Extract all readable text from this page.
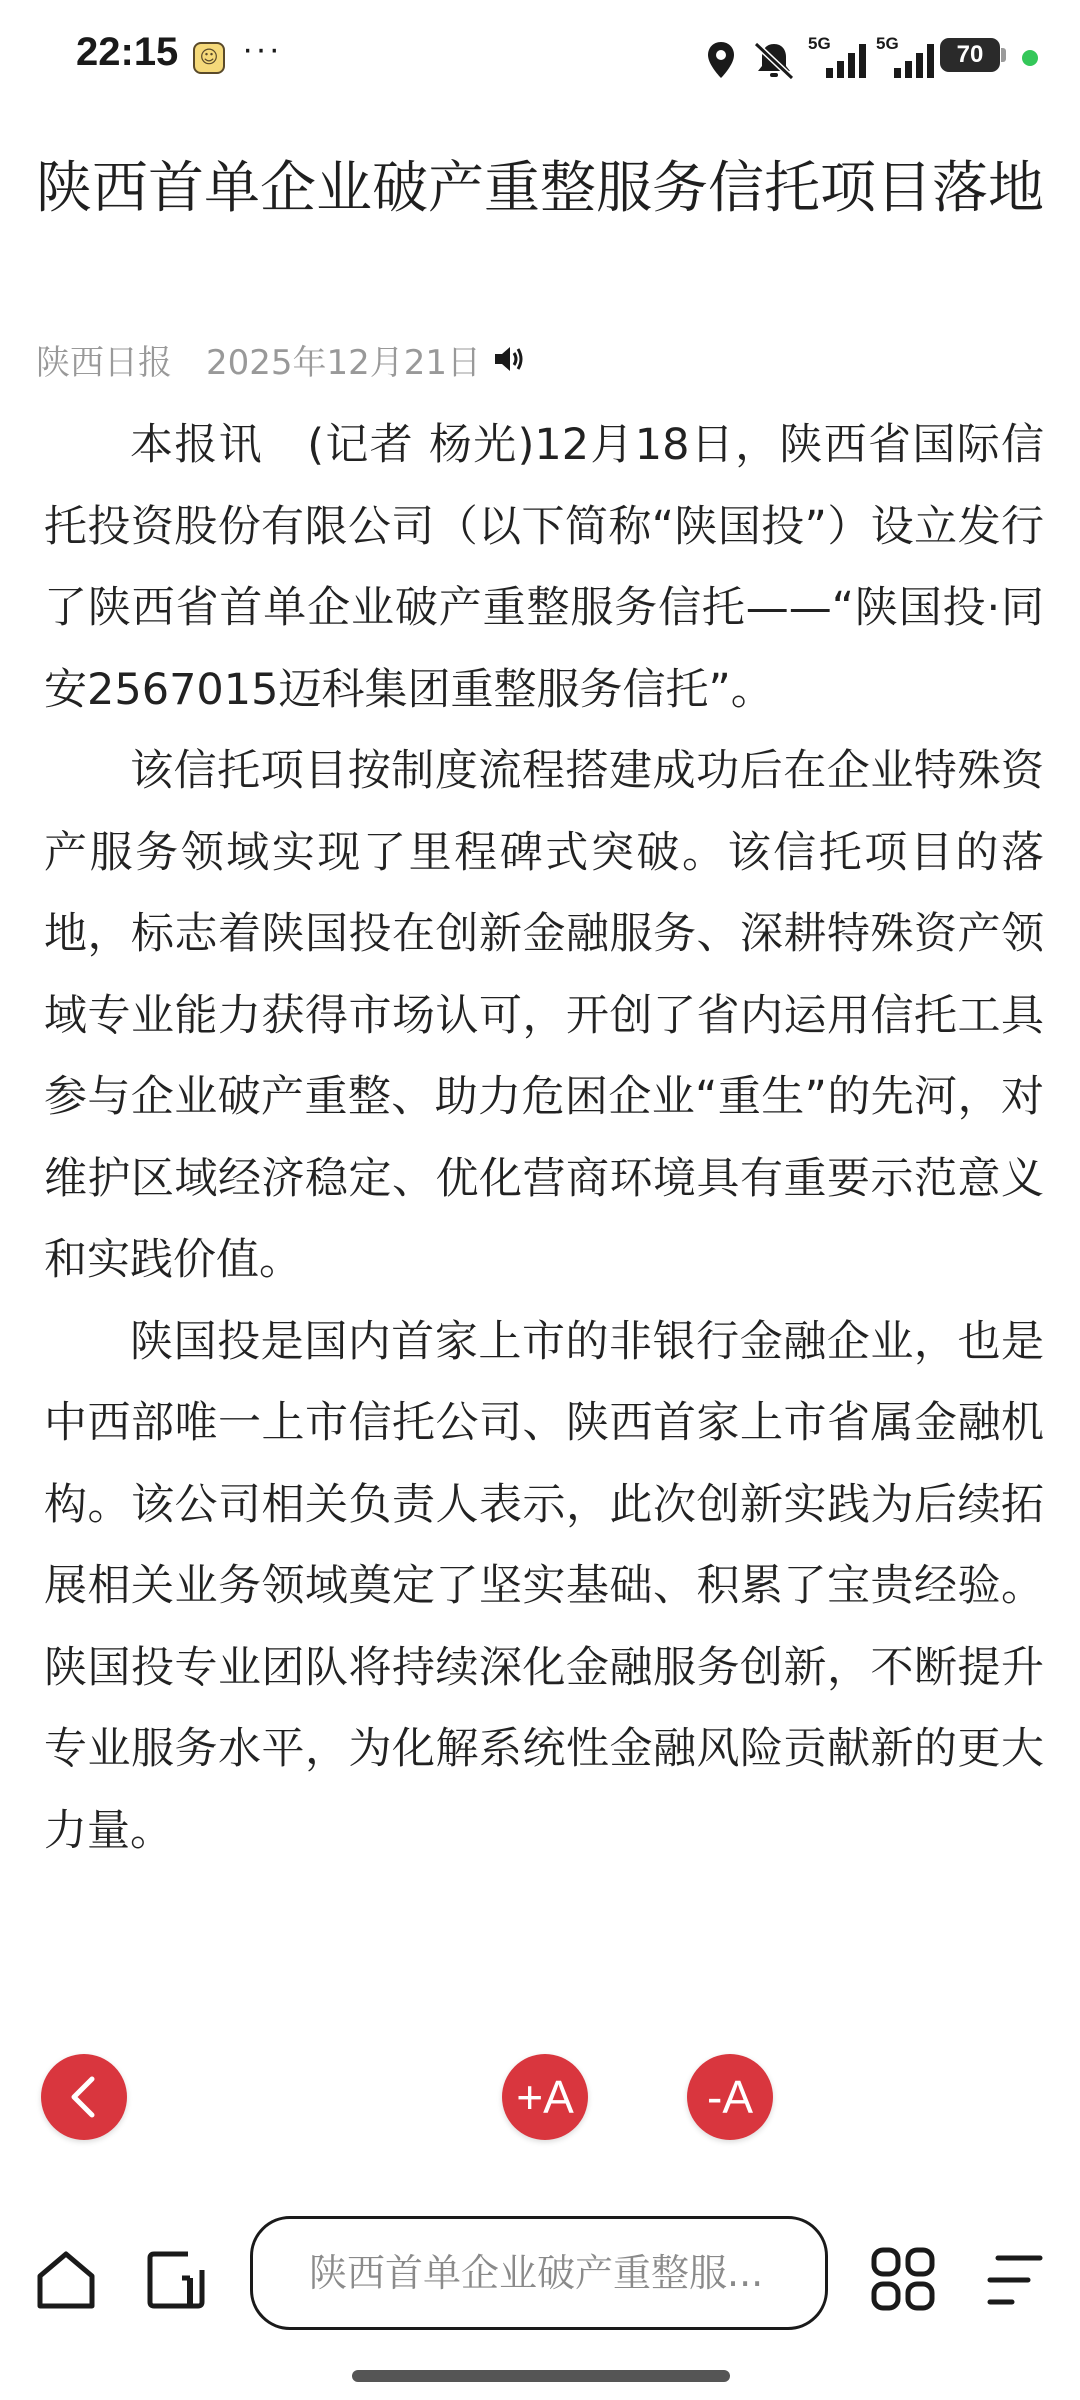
22:15	☺ ···	5G	5G	70
陕西首单企业破产重整服务信托项目落地
陕西日报 2025年12月21日

本报讯　(记者 杨光)12月18日，陕西省国际信托投资股份有限公司（以下简称“陕国投”）设立发行了陕西省首单企业破产重整服务信托——“陕国投·同安2567015迈科集团重整服务信托”。

该信托项目按制度流程搭建成功后在企业特殊资产服务领域实现了里程碑式突破。该信托项目的落地，标志着陕国投在创新金融服务、深耕特殊资产领域专业能力获得市场认可，开创了省内运用信托工具参与企业破产重整、助力危困企业“重生”的先河，对维护区域经济稳定、优化营商环境具有重要示范意义和实践价值。

陕国投是国内首家上市的非银行金融企业，也是中西部唯一上市信托公司、陕西首家上市省属金融机构。该公司相关负责人表示，此次创新实践为后续拓展相关业务领域奠定了坚实基础、积累了宝贵经验。陕国投专业团队将持续深化金融服务创新，不断提升专业服务水平，为化解系统性金融风险贡献新的更大力量。

+A	-A
陕西首单企业破产重整服...
